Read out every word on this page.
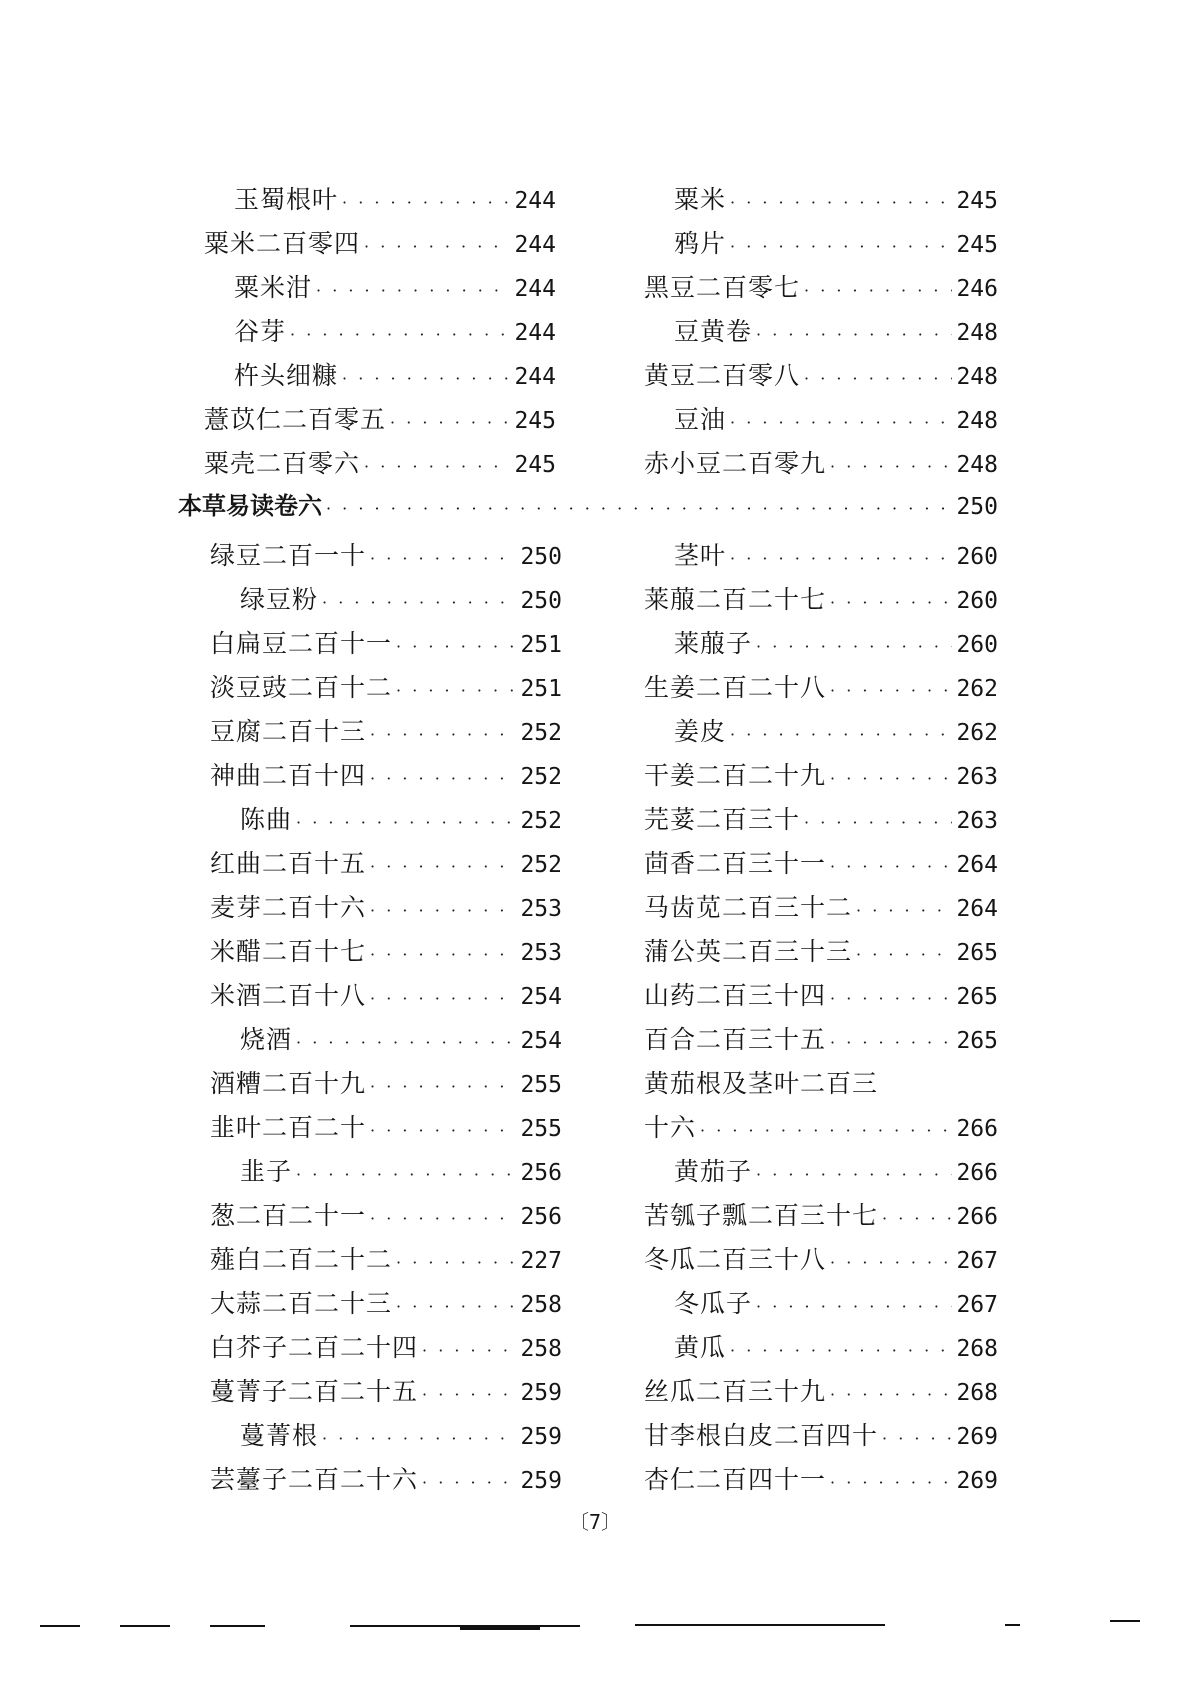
玉蜀根叶 · · ·	244
粟米二百零四 · · ·	244
粟米泔 · · ·	244
谷芽 · · ·	244
杵头细糠 · · ·	244
薏苡仁二百零五 · · ·	245
粟壳二百零六 · · ·	245
粟米 · · ·	245
鸦片 · · ·	245
黑豆二百零七 · · ·	246
豆黄卷 · · ·	248
黄豆二百零八 · · ·	248
豆油 · · ·	248
赤小豆二百零九 · · ·	248
本草易读卷六 · · ·	250
绿豆二百一十 · · ·	250
绿豆粉 · · ·	250
白扁豆二百十一 · · ·	251
淡豆豉二百十二 · · ·	251
豆腐二百十三 · · ·	252
神曲二百十四 · · ·	252
陈曲 · · ·	252
红曲二百十五 · · ·	252
麦芽二百十六 · · ·	253
米醋二百十七 · · ·	253
米酒二百十八 · · ·	254
烧酒 · · ·	254
酒糟二百十九 · · ·	255
韭叶二百二十 · · ·	255
韭子 · · ·	256
葱二百二十一 · · ·	256
薤白二百二十二 · · ·	227
大蒜二百二十三 · · ·	258
白芥子二百二十四 · · ·	258
蔓菁子二百二十五 · · ·	259
蔓菁根 · · ·	259
芸薹子二百二十六 · · ·	259
茎叶 · · ·	260
莱菔二百二十七 · · ·	260
莱菔子 · · ·	260
生姜二百二十八 · · ·	262
姜皮 · · ·	262
干姜二百二十九 · · ·	263
芫荽二百三十 · · ·	263
茴香二百三十一 · · ·	264
马齿苋二百三十二 · · ·	264
蒲公英二百三十三 · · ·	265
山药二百三十四 · · ·	265
百合二百三十五 · · ·	265
黄茄根及茎叶二百三
十六 · · ·	266
黄茄子 · · ·	266
苦瓠子瓢二百三十七 · · ·	266
冬瓜二百三十八 · · ·	267
冬瓜子 · · ·	267
黄瓜 · · ·	268
丝瓜二百三十九 · · ·	268
甘李根白皮二百四十 · · ·	269
杏仁二百四十一 · · ·	269
〔7〕
